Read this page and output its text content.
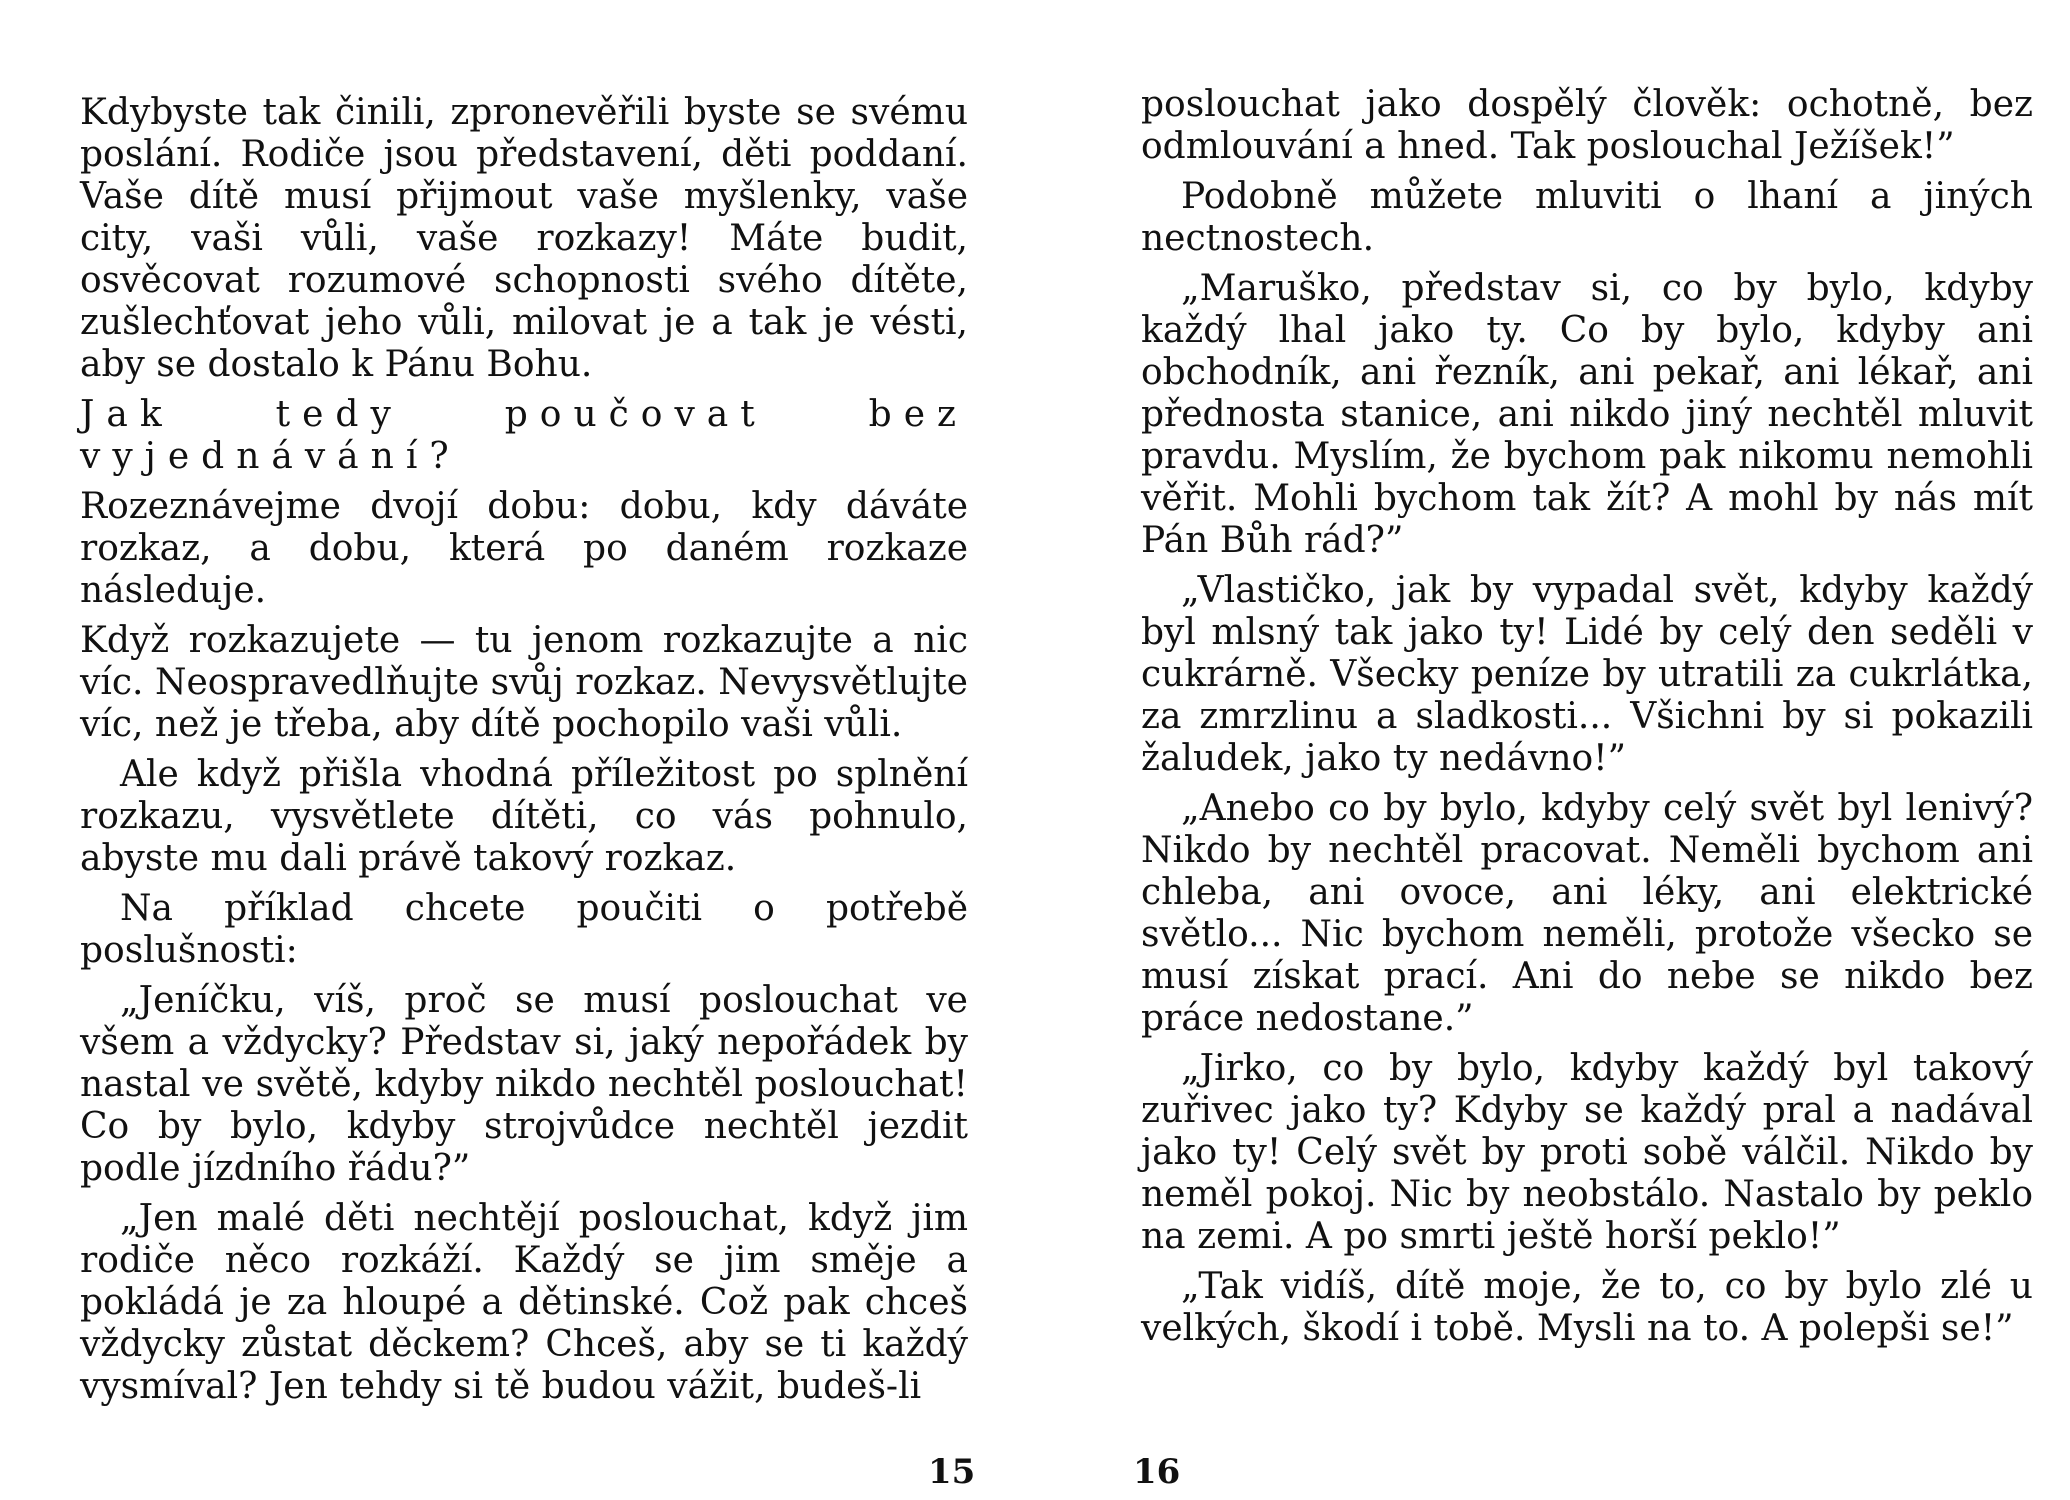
Kdybyste tak činili, zpronevěřili byste se svému poslání. Rodiče jsou představení, děti poddaní. Vaše dítě musí přijmout vaše myšlenky, vaše city, vaši vůli, vaše rozkazy! Máte budit, osvěcovat rozumové schopnosti svého dítěte, zušlechťovat jeho vůli, milovat je a tak je vésti, aby se dostalo k Pánu Bohu.

Jak tedy poučovat bez vyjednávání?

Rozeznávejme dvojí dobu: dobu, kdy dáváte rozkaz, a dobu, která po daném rozkaze následuje.

Když rozkazujete — tu jenom rozkazujte a nic víc. Neospravedlňujte svůj rozkaz. Nevysvětlujte víc, než je třeba, aby dítě pochopilo vaši vůli.

Ale když přišla vhodná příležitost po splnění rozkazu, vysvětlete dítěti, co vás pohnulo, abyste mu dali právě takový rozkaz.

Na příklad chcete poučiti o potřebě poslušnosti:

„Jeníčku, víš, proč se musí poslouchat ve všem a vždycky? Představ si, jaký nepořádek by nastal ve světě, kdyby nikdo nechtěl poslouchat! Co by bylo, kdyby strojvůdce nechtěl jezdit podle jízdního řádu?”

„Jen malé děti nechtějí poslouchat, když jim rodiče něco rozkáží. Každý se jim směje a pokládá je za hloupé a dětinské. Což pak chceš vždycky zůstat děckem? Chceš, aby se ti každý vysmíval? Jen tehdy si tě budou vážit, budeš-li

15

poslouchat jako dospělý člověk: ochotně, bez odmlouvání a hned. Tak poslouchal Ježíšek!”

Podobně můžete mluviti o lhaní a jiných nectnostech.

„Maruško, představ si, co by bylo, kdyby každý lhal jako ty. Co by bylo, kdyby ani obchodník, ani řezník, ani pekař, ani lékař, ani přednosta stanice, ani nikdo jiný nechtěl mluvit pravdu. Myslím, že bychom pak nikomu nemohli věřit. Mohli bychom tak žít? A mohl by nás mít Pán Bůh rád?”

„Vlastičko, jak by vypadal svět, kdyby každý byl mlsný tak jako ty! Lidé by celý den seděli v cukrárně. Všecky peníze by utratili za cukrlátka, za zmrzlinu a sladkosti... Všichni by si pokazili žaludek, jako ty nedávno!”

„Anebo co by bylo, kdyby celý svět byl lenivý? Nikdo by nechtěl pracovat. Neměli bychom ani chleba, ani ovoce, ani léky, ani elektrické světlo... Nic bychom neměli, protože všecko se musí získat prací. Ani do nebe se nikdo bez práce nedostane.”

„Jirko, co by bylo, kdyby každý byl takový zuřivec jako ty? Kdyby se každý pral a nadával jako ty! Celý svět by proti sobě válčil. Nikdo by neměl pokoj. Nic by neobstálo. Nastalo by peklo na zemi. A po smrti ještě horší peklo!”

„Tak vidíš, dítě moje, že to, co by bylo zlé u velkých, škodí i tobě. Mysli na to. A polepši se!”

16
